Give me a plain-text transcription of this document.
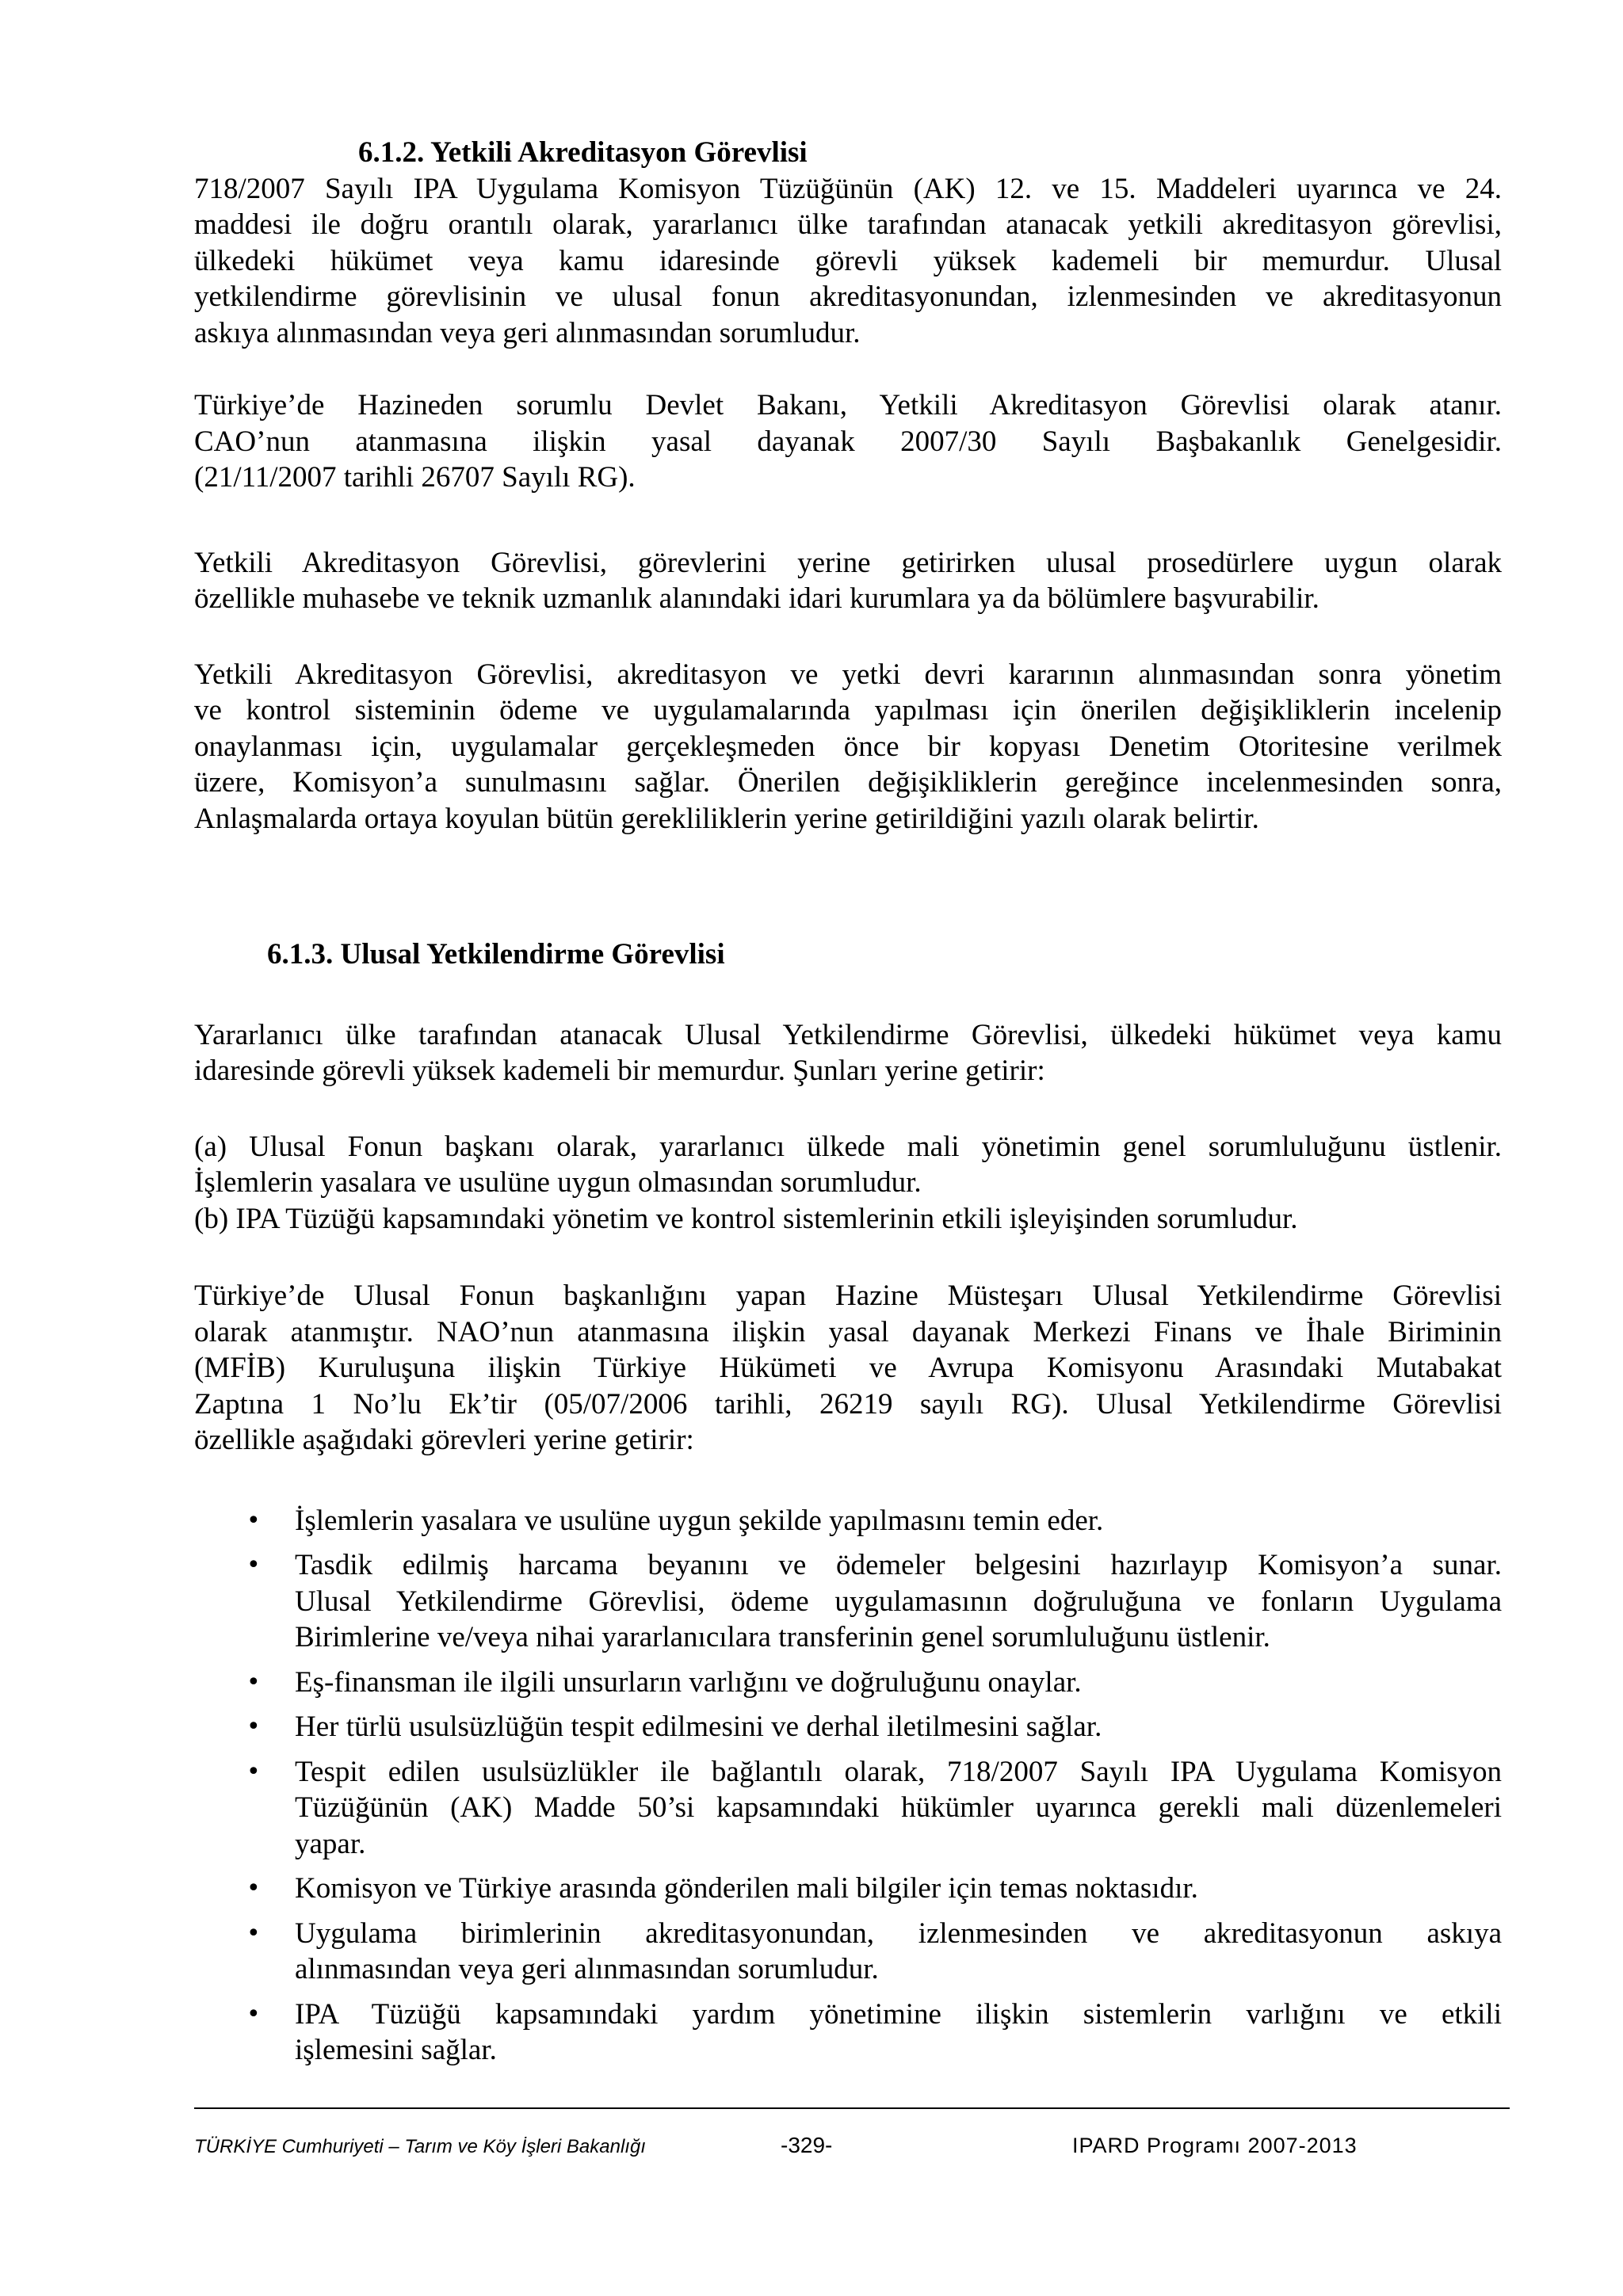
6.1.2. Yetkili Akreditasyon Görevlisi

718/2007 Sayılı IPA Uygulama Komisyon Tüzüğünün (AK) 12. ve 15. Maddeleri uyarınca ve 24.
maddesi ile doğru orantılı olarak, yararlanıcı ülke tarafından atanacak yetkili akreditasyon görevlisi,
ülkedeki hükümet veya kamu idaresinde görevli yüksek kademeli bir memurdur. Ulusal
yetkilendirme görevlisinin ve ulusal fonun akreditasyonundan, izlenmesinden ve akreditasyonun
askıya alınmasından veya geri alınmasından sorumludur.

Türkiye’de Hazineden sorumlu Devlet Bakanı, Yetkili Akreditasyon Görevlisi olarak atanır.
CAO’nun atanmasına ilişkin yasal dayanak 2007/30 Sayılı Başbakanlık Genelgesidir.
(21/11/2007 tarihli 26707 Sayılı RG).

Yetkili Akreditasyon Görevlisi, görevlerini yerine getirirken ulusal prosedürlere uygun olarak
özellikle muhasebe ve teknik uzmanlık alanındaki idari kurumlara ya da bölümlere başvurabilir.

Yetkili Akreditasyon Görevlisi, akreditasyon ve yetki devri kararının alınmasından sonra yönetim
ve kontrol sisteminin ödeme ve uygulamalarında yapılması için önerilen değişikliklerin incelenip
onaylanması için, uygulamalar gerçekleşmeden önce bir kopyası Denetim Otoritesine verilmek
üzere, Komisyon’a sunulmasını sağlar. Önerilen değişikliklerin gereğince incelenmesinden sonra,
Anlaşmalarda ortaya koyulan bütün gerekliliklerin yerine getirildiğini yazılı olarak belirtir.

6.1.3. Ulusal Yetkilendirme Görevlisi

Yararlanıcı ülke tarafından atanacak Ulusal Yetkilendirme Görevlisi, ülkedeki hükümet veya kamu
idaresinde görevli yüksek kademeli bir memurdur. Şunları yerine getirir:

(a) Ulusal Fonun başkanı olarak, yararlanıcı ülkede mali yönetimin genel sorumluluğunu üstlenir.
İşlemlerin yasalara ve usulüne uygun olmasından sorumludur.
(b) IPA Tüzüğü kapsamındaki yönetim ve kontrol sistemlerinin etkili işleyişinden sorumludur.

Türkiye’de Ulusal Fonun başkanlığını yapan Hazine Müsteşarı Ulusal Yetkilendirme Görevlisi
olarak atanmıştır. NAO’nun atanmasına ilişkin yasal dayanak Merkezi Finans ve İhale Biriminin
(MFİB) Kuruluşuna ilişkin Türkiye Hükümeti ve Avrupa Komisyonu Arasındaki Mutabakat
Zaptına 1 No’lu Ek’tir (05/07/2006 tarihli, 26219 sayılı RG). Ulusal Yetkilendirme Görevlisi
özellikle aşağıdaki görevleri yerine getirir:

• İşlemlerin yasalara ve usulüne uygun şekilde yapılmasını temin eder.
• Tasdik edilmiş harcama beyanını ve ödemeler belgesini hazırlayıp Komisyon’a sunar.
Ulusal Yetkilendirme Görevlisi, ödeme uygulamasının doğruluğuna ve fonların Uygulama
Birimlerine ve/veya nihai yararlanıcılara transferinin genel sorumluluğunu üstlenir.
• Eş-finansman ile ilgili unsurların varlığını ve doğruluğunu onaylar.
• Her türlü usulsüzlüğün tespit edilmesini ve derhal iletilmesini sağlar.
• Tespit edilen usulsüzlükler ile bağlantılı olarak, 718/2007 Sayılı IPA Uygulama Komisyon
Tüzüğünün (AK) Madde 50’si kapsamındaki hükümler uyarınca gerekli mali düzenlemeleri
yapar.
• Komisyon ve Türkiye arasında gönderilen mali bilgiler için temas noktasıdır.
• Uygulama birimlerinin akreditasyonundan, izlenmesinden ve akreditasyonun askıya
alınmasından veya geri alınmasından sorumludur.
• IPA Tüzüğü kapsamındaki yardım yönetimine ilişkin sistemlerin varlığını ve etkili
işlemesini sağlar.
TÜRKİYE Cumhuriyeti – Tarım ve Köy İşleri Bakanlığı	-329-	IPARD Programı 2007-2013
